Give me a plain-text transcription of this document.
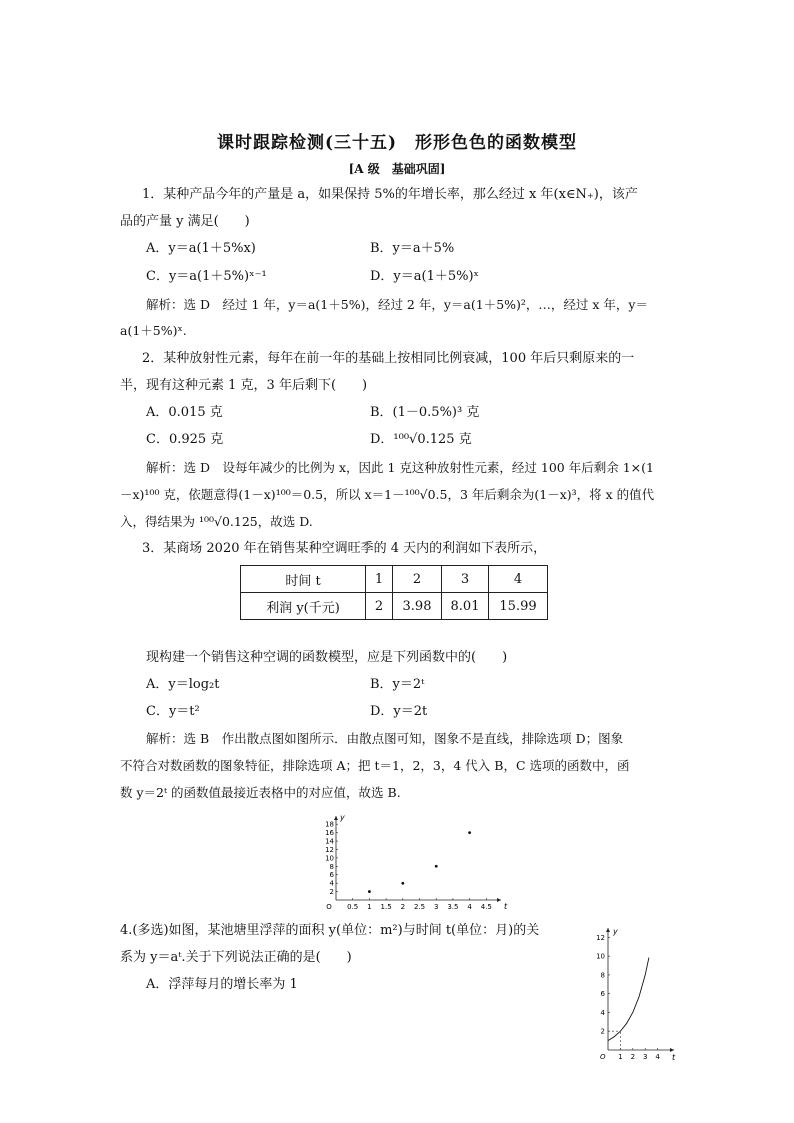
课时跟踪检测(三十五)　形形色色的函数模型
[A 级　基础巩固]
1．某种产品今年的产量是 a，如果保持 5%的年增长率，那么经过 x 年(x∈N₊)，该产
品的产量 y 满足(　　)
A．y＝a(1＋5%x)	B．y＝a＋5%
C．y＝a(1＋5%)ˣ⁻¹	D．y＝a(1＋5%)ˣ
解析：选 D　经过 1 年，y＝a(1＋5%)，经过 2 年，y＝a(1＋5%)²，…，经过 x 年，y＝
a(1＋5%)ˣ.
2．某种放射性元素，每年在前一年的基础上按相同比例衰减，100 年后只剩原来的一
半，现有这种元素 1 克，3 年后剩下(　　)
A．0.015 克	B．(1－0.5%)³ 克
C．0.925 克	D．¹⁰⁰√0.125 克
解析：选 D　设每年减少的比例为 x，因此 1 克这种放射性元素，经过 100 年后剩余 1×(1
－x)¹⁰⁰ 克，依题意得(1－x)¹⁰⁰＝0.5，所以 x＝1－¹⁰⁰√0.5，3 年后剩余为(1－x)³，将 x 的值代
入，得结果为 ¹⁰⁰√0.125，故选 D.
3．某商场 2020 年在销售某种空调旺季的 4 天内的利润如下表所示，
时间 t	1	2	3	4
利润 y(千元)	2	3.98	8.01	15.99
现构建一个销售这种空调的函数模型，应是下列函数中的(　　)
A．y＝log₂t	B．y＝2ᵗ
C．y＝t²	D．y＝2t
解析：选 B　作出散点图如图所示．由散点图可知，图象不是直线，排除选项 D；图象
不符合对数函数的图象特征，排除选项 A；把 t＝1，2，3，4 代入 B，C 选项的函数中，函
数 y＝2ᵗ 的函数值最接近表格中的对应值，故选 B.
0.5 1 1.5 2 2.5 3 3.5 4 4.5
2
4
6
8
10
12
14
16
18
O	t
y
4.(多选)如图，某池塘里浮萍的面积 y(单位：m²)与时间 t(单位：月)的关
系为 y＝aᵗ.关于下列说法正确的是(　　)
A．浮萍每月的增长率为 1
1 2 3 4
2
4
6
8
10
12
O	t
y
